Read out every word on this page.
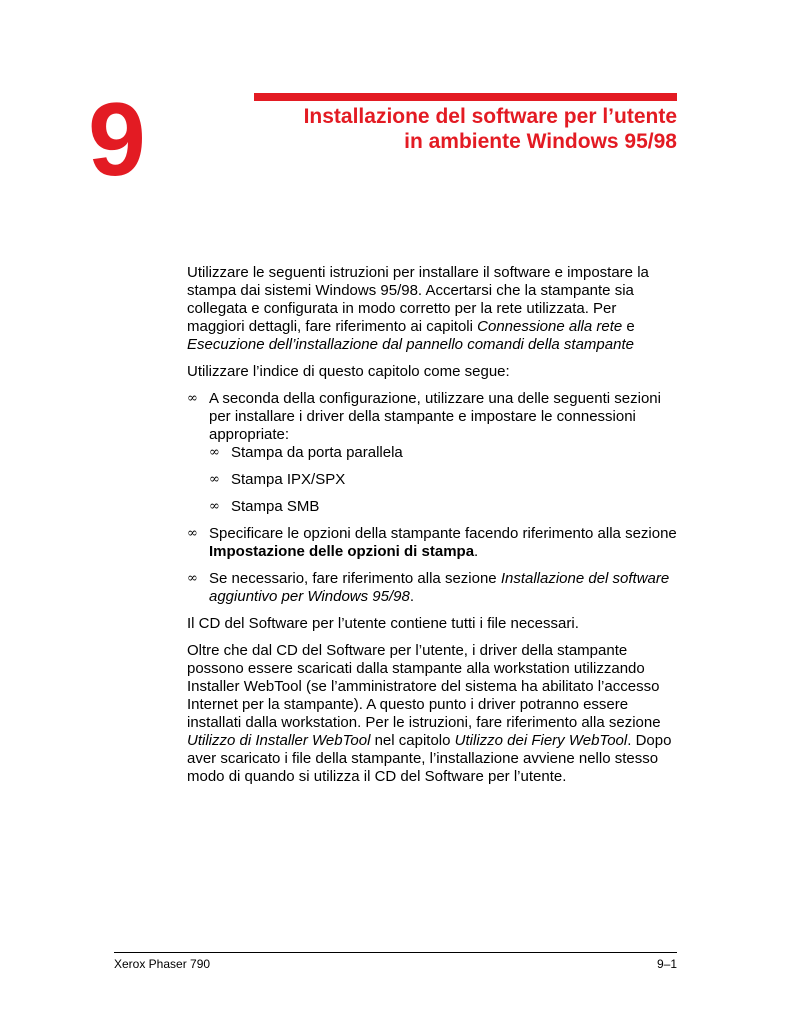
9	Installazione del software per l’utente
in ambiente Windows 95/98

Utilizzare le seguenti istruzioni per installare il software e impostare la stampa dai sistemi Windows 95/98. Accertarsi che la stampante sia collegata e configurata in modo corretto per la rete utilizzata. Per maggiori dettagli, fare riferimento ai capitoli Connessione alla rete e Esecuzione dell’installazione dal pannello comandi della stampante

Utilizzare l’indice di questo capitolo come segue:

∞ A seconda della configurazione, utilizzare una delle seguenti sezioni per installare i driver della stampante e impostare le connessioni appropriate:
∞ Stampa da porta parallela
∞ Stampa IPX/SPX
∞ Stampa SMB
∞ Specificare le opzioni della stampante facendo riferimento alla sezione Impostazione delle opzioni di stampa.
∞ Se necessario, fare riferimento alla sezione Installazione del software aggiuntivo per Windows 95/98.

Il CD del Software per l’utente contiene tutti i file necessari.

Oltre che dal CD del Software per l’utente, i driver della stampante possono essere scaricati dalla stampante alla workstation utilizzando Installer WebTool (se l’amministratore del sistema ha abilitato l’accesso Internet per la stampante). A questo punto i driver potranno essere installati dalla workstation. Per le istruzioni, fare riferimento alla sezione Utilizzo di Installer WebTool nel capitolo Utilizzo dei Fiery WebTool. Dopo aver scaricato i file della stampante, l’installazione avviene nello stesso modo di quando si utilizza il CD del Software per l’utente.

Xerox Phaser 790	9–1
